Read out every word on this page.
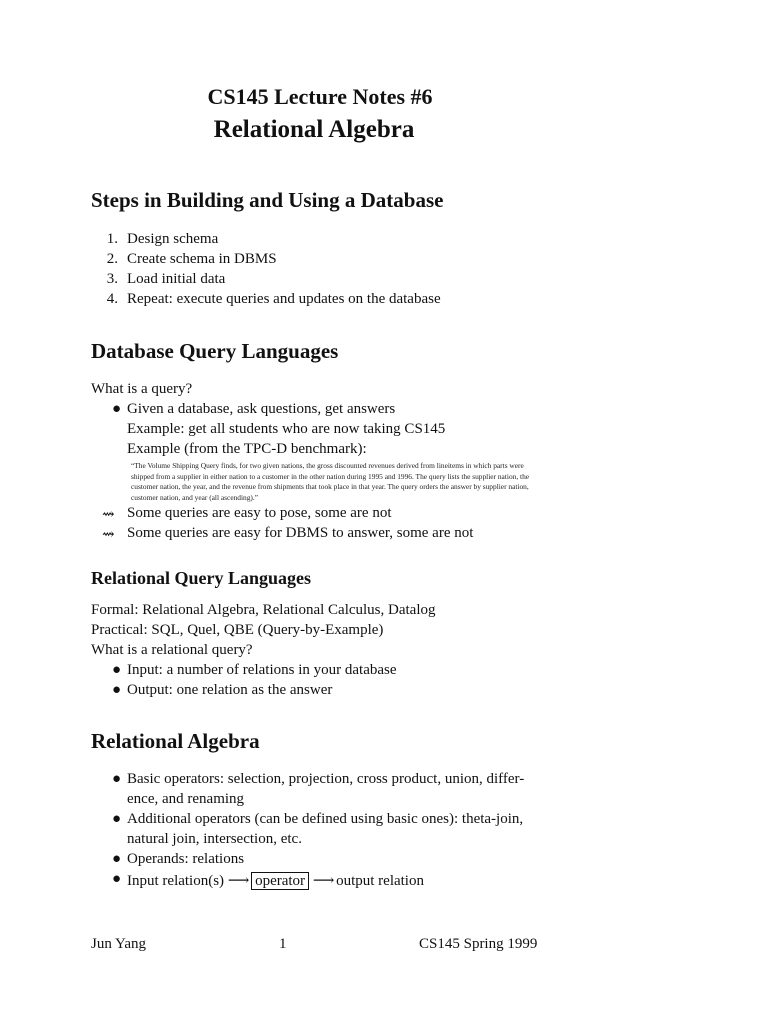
CS145 Lecture Notes #6
Relational Algebra
Steps in Building and Using a Database
1. Design schema
2. Create schema in DBMS
3. Load initial data
4. Repeat: execute queries and updates on the database
Database Query Languages
What is a query?
● Given a database, ask questions, get answers
Example: get all students who are now taking CS145
Example (from the TPC-D benchmark):
“The Volume Shipping Query finds, for two given nations, the gross discounted revenues derived from lineitems in which parts were shipped from a supplier in either nation to a customer in the other nation during 1995 and 1996. The query lists the supplier nation, the customer nation, the year, and the revenue from shipments that took place in that year. The query orders the answer by supplier nation, customer nation, and year (all ascending).”
⇝ Some queries are easy to pose, some are not
⇝ Some queries are easy for DBMS to answer, some are not
Relational Query Languages
Formal: Relational Algebra, Relational Calculus, Datalog
Practical: SQL, Quel, QBE (Query-by-Example)
What is a relational query?
● Input: a number of relations in your database
● Output: one relation as the answer
Relational Algebra
● Basic operators: selection, projection, cross product, union, differ-
ence, and renaming
● Additional operators (can be defined using basic ones): theta-join,
natural join, intersection, etc.
● Operands: relations
● Input relation(s) ⟶ operator ⟶ output relation
Jun Yang	1	CS145 Spring 1999
